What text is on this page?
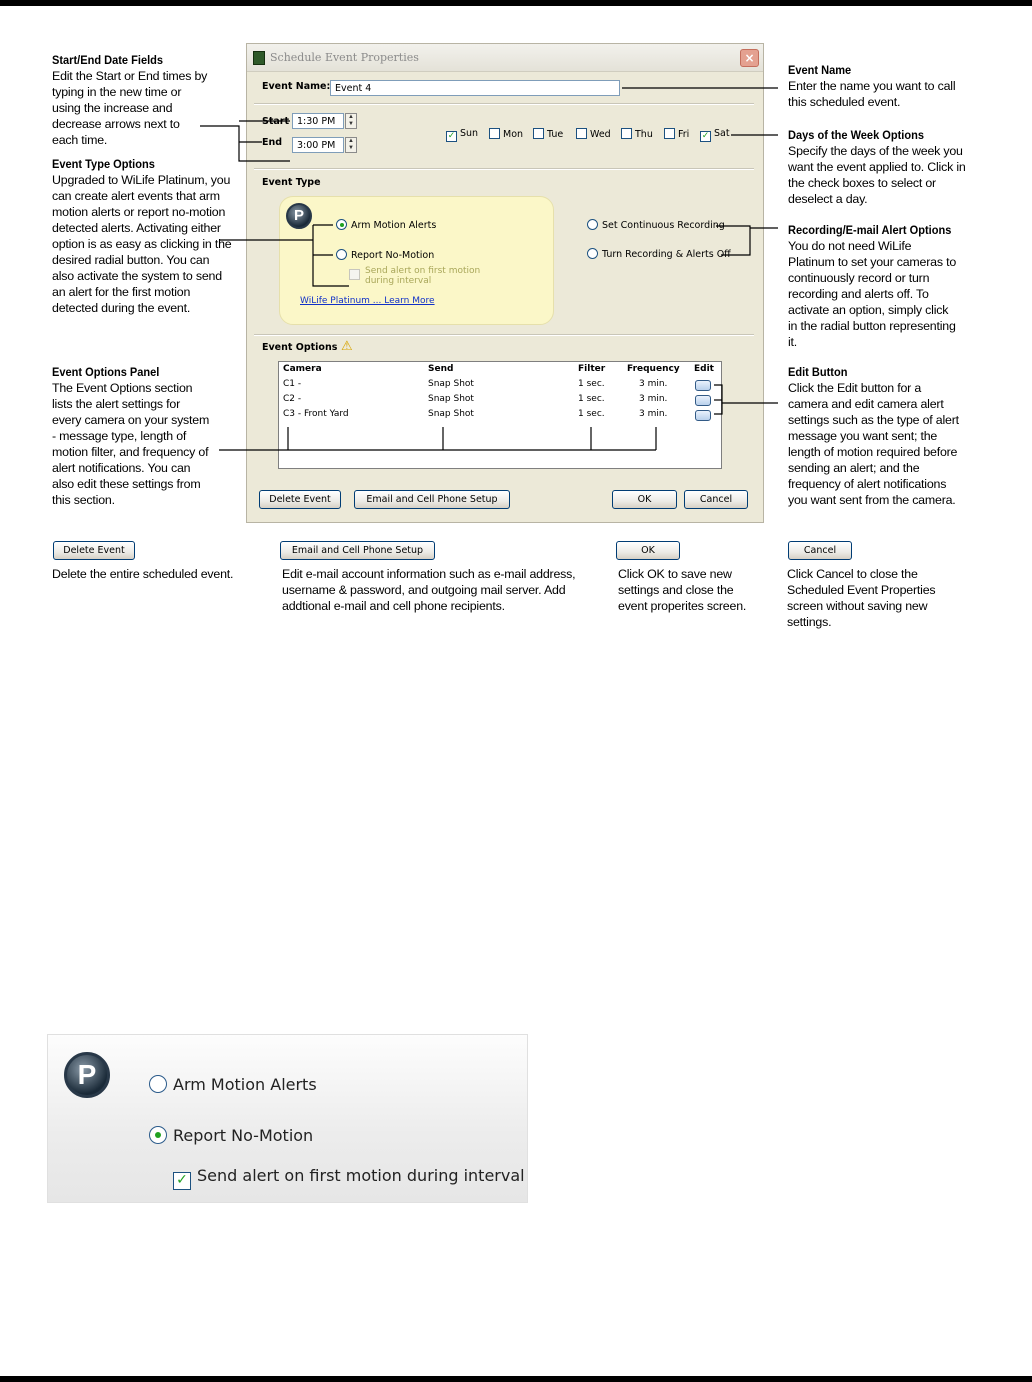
Start/End Date Fields

Edit the Start or End times by typing in the new time or using the increase and decrease arrows next to each time.

Event Type Options

Upgraded to WiLife Platinum, you can create alert events that arm motion alerts or report no-motion detected alerts. Activating either option is as easy as clicking in the desired radial button. You can also activate the system to send an alert for the first motion detected during the event.

Event Options Panel

The Event Options section lists the alert settings for every camera on your system - message type, length of motion filter, and frequency of alert notifications. You can also edit these settings from this section.

Event Name

Enter the name you want to call this scheduled event.

Days of the Week Options

Specify the days of the week you want the event applied to. Click in the check boxes to select or deselect a day.

Recording/E-mail Alert Options

You do not need WiLife Platinum to set your cameras to continuously record or turn recording and alerts off. To activate an option, simply click in the radial button representing it.

Edit Button

Click the Edit button for a camera and edit camera alert settings such as the type of alert message you want sent; the length of motion required before sending an alert; and the frequency of alert notifications you want sent from the camera.

Schedule Event Properties	×
Event Name: Event 4
Start 1:30 PM	▲
▼
End	3:00 PM	▲
▼
✓ Sun	Mon	Tue	Wed	Thu	Fri ✓ Sat
Event Type
P
Arm Motion Alerts
Report No-Motion
Send alert on first motion during interval
WiLife Platinum ... Learn More
Set Continuous Recording
Turn Recording & Alerts Off
Event Options ⚠
Camera	Send	Filter Frequency Edit
C1 -	Snap Shot	1 sec.	3 min.
C2 -	Snap Shot	1 sec.	3 min.
C3 - Front Yard	Snap Shot	1 sec.	3 min.
Delete Event	Email and Cell Phone Setup	OK	Cancel
Delete Event
Delete the entire scheduled event.
Email and Cell Phone Setup
Edit e-mail account information such as e-mail address, username & password, and outgoing mail server. Add addtional e-mail and cell phone recipients.
OK
Click OK to save new settings and close the event properites screen.
Cancel
Click Cancel to close the Scheduled Event Properties screen without saving new settings.
P	Arm Motion Alerts
Report No-Motion
✓ Send alert on first motion during interval
